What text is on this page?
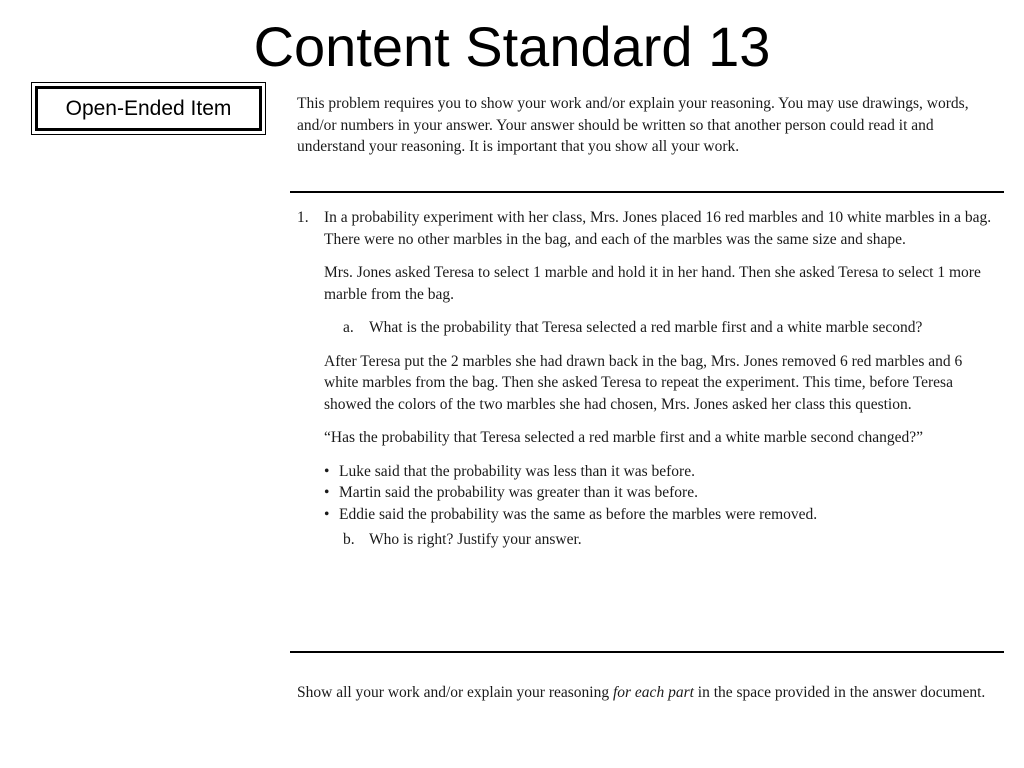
Content Standard 13
Open-Ended Item	This problem requires you to show your work and/or explain your reasoning. You may use drawings, words, and/or numbers in your answer. Your answer should be written so that another person could read it and understand your reasoning. It is important that you show all your work.
1. In a probability experiment with her class, Mrs. Jones placed 16 red marbles and 10 white marbles in a bag. There were no other marbles in the bag, and each of the marbles was the same size and shape.

Mrs. Jones asked Teresa to select 1 marble and hold it in her hand. Then she asked Teresa to select 1 more marble from the bag.

a. What is the probability that Teresa selected a red marble first and a white marble second?

After Teresa put the 2 marbles she had drawn back in the bag, Mrs. Jones removed 6 red marbles and 6 white marbles from the bag. Then she asked Teresa to repeat the experiment. This time, before Teresa showed the colors of the two marbles she had chosen, Mrs. Jones asked her class this question.

“Has the probability that Teresa selected a red marble first and a white marble second changed?”

• Luke said that the probability was less than it was before.
• Martin said the probability was greater than it was before.
• Eddie said the probability was the same as before the marbles were removed.
b. Who is right? Justify your answer.
Show all your work and/or explain your reasoning for each part in the space provided in the answer document.
